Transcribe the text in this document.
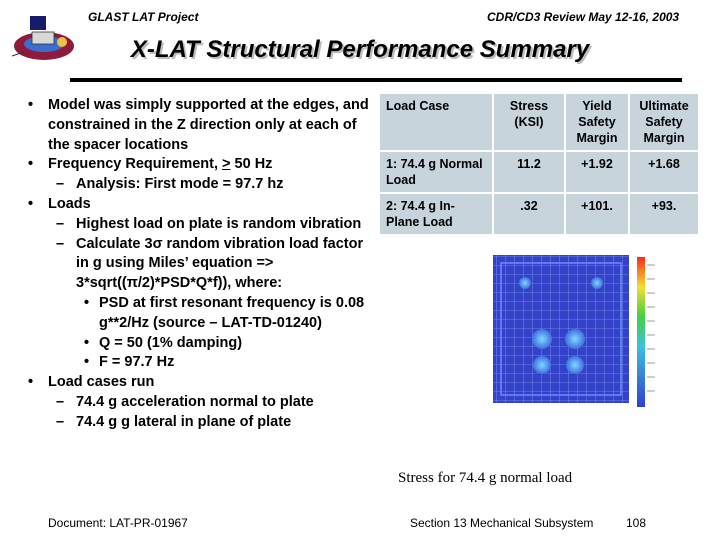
GLAST LAT Project	CDR/CD3 Review May 12-16, 2003
X-LAT Structural Performance Summary
• Model was simply supported at the edges, and constrained in the Z direction only at each of the spacer locations
• Frequency Requirement, > 50 Hz
– Analysis: First mode = 97.7 hz
• Loads
– Highest load on plate is random vibration
– Calculate 3σ random vibration load factor in g using Miles’ equation => 3*sqrt((π/2)*PSD*Q*f)), where:
• PSD at first resonant frequency is 0.08 g**2/Hz (source – LAT-TD-01240)
• Q = 50 (1% damping)
• F = 97.7 Hz
• Load cases run
– 74.4 g acceleration normal to plate
– 74.4 g g lateral in plane of plate
Load Case	Stress (KSI)	Yield Safety Margin	Ultimate Safety Margin
1: 74.4 g Normal Load	11.2	+1.92	+1.68
2: 74.4 g In-Plane Load	.32	+101.	+93.
Stress for 74.4 g normal load
Document: LAT-PR-01967	Section 13 Mechanical Subsystem	108
